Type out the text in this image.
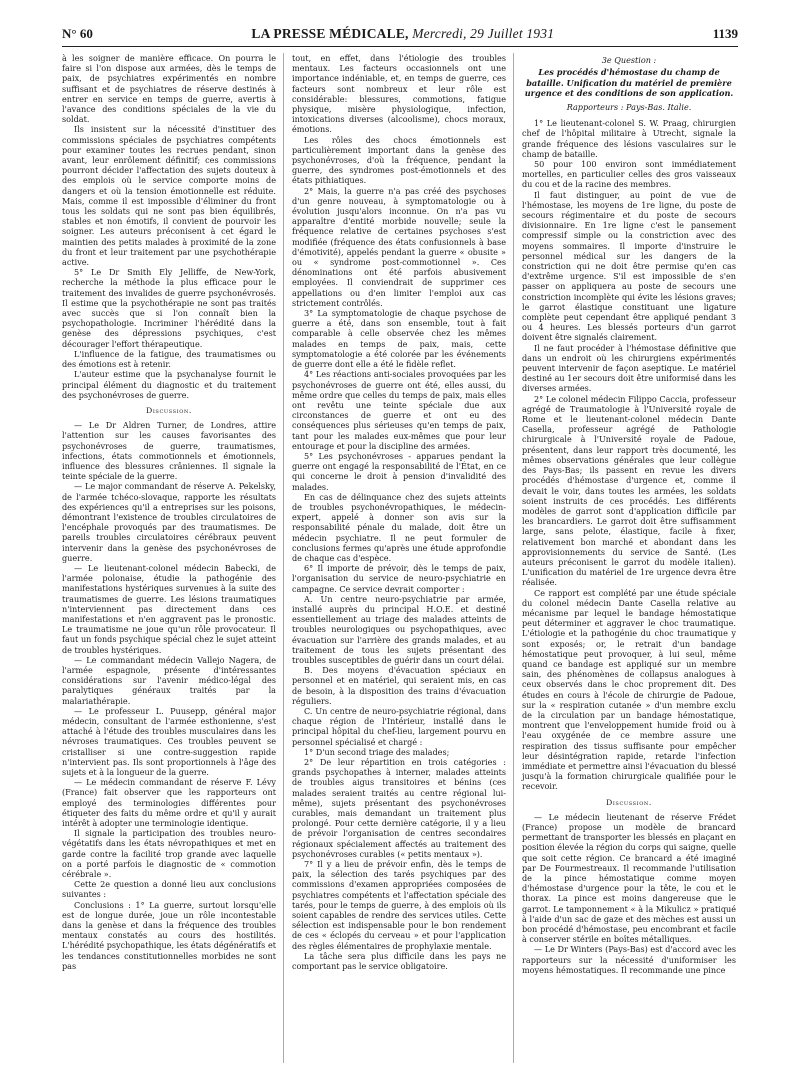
N° 60	LA PRESSE MÉDICALE, Mercredi, 29 Juillet 1931	1139

à les soigner de manière efficace. On pourra le faire si l'on dispose aux armées, dès le temps de paix, de psychiatres expérimentés en nombre suffisant et de psychiatres de réserve destinés à entrer en service en temps de guerre, avertis à l'avance des conditions spéciales de la vie du soldat.

Ils insistent sur la nécessité d'instituer des commissions spéciales de psychiatres compétents pour examiner toutes les recrues pendant, sinon avant, leur enrôlement définitif; ces commissions pourront décider l'affectation des sujets douteux à des emplois où le service comporte moins de dangers et où la tension émotionnelle est réduite. Mais, comme il est impossible d'éliminer du front tous les soldats qui ne sont pas bien équilibrés, stables et non émotifs, il convient de pourvoir les soigner. Les auteurs préconisent à cet égard le maintien des petits malades à proximité de la zone du front et leur traitement par une psychothérapie active.

5° Le Dr Smith Ely Jelliffe, de New-York, recherche la méthode la plus efficace pour le traitement des invalides de guerre psychonévrosés. Il estime que la psychothérapie ne sont pas traités avec succès que si l'on connaît bien la psychopathologie. Incriminer l'hérédité dans la genèse des dépressions psychiques, c'est décourager l'effort thérapeutique.

L'influence de la fatigue, des traumatismes ou des émotions est à retenir.

L'auteur estime que la psychanalyse fournit le principal élément du diagnostic et du traitement des psychonévroses de guerre.

Discussion.

— Le Dr Aldren Turner, de Londres, attire l'attention sur les causes favorisantes des psychonévroses de guerre, traumatismes, infections, états commotionnels et émotionnels, influence des blessures crâniennes. Il signale la teinte spéciale de la guerre.

— Le major commandant de réserve A. Pekelsky, de l'armée tchéco-slovaque, rapporte les résultats des expériences qu'il a entreprises sur les poisons, démontrant l'existence de troubles circulatoires de l'encéphale provoqués par des traumatismes. De pareils troubles circulatoires cérébraux peuvent intervenir dans la genèse des psychonévroses de guerre.

— Le lieutenant-colonel médecin Babecki, de l'armée polonaise, étudie la pathogénie des manifestations hystériques survenues à la suite des traumatismes de guerre. Les lésions traumatiques n'interviennent pas directement dans ces manifestations et n'en aggravent pas le pronostic. Le traumatisme ne joue qu'un rôle provocateur. Il faut un fonds psychique spécial chez le sujet atteint de troubles hystériques.

— Le commandant médecin Vallejo Nagera, de l'armée espagnole, présente d'intéressantes considérations sur l'avenir médico-légal des paralytiques généraux traités par la malariathérapie.

— Le professeur L. Puusepp, général major médecin, consultant de l'armée esthonienne, s'est attaché à l'étude des troubles musculaires dans les névroses traumatiques. Ces troubles peuvent se cristalliser si une contre-suggestion rapide n'intervient pas. Ils sont proportionnels à l'âge des sujets et à la longueur de la guerre.

— Le médecin commandant de réserve F. Lévy (France) fait observer que les rapporteurs ont employé des terminologies différentes pour étiqueter des faits du même ordre et qu'il y aurait intérêt à adopter une terminologie identique.

Il signale la participation des troubles neuro-végétatifs dans les états névropathiques et met en garde contre la facilité trop grande avec laquelle on a porté parfois le diagnostic de « commotion cérébrale ».

Cette 2e question a donné lieu aux conclusions suivantes :

Conclusions : 1° La guerre, surtout lorsqu'elle est de longue durée, joue un rôle incontestable dans la genèse et dans la fréquence des troubles mentaux constatés au cours des hostilités. L'hérédité psychopathique, les états dégénératifs et les tendances constitutionnelles morbides ne sont pas

tout, en effet, dans l'étiologie des troubles mentaux. Les facteurs occasionnels ont une importance indéniable, et, en temps de guerre, ces facteurs sont nombreux et leur rôle est considérable: blessures, commotions, fatigue physique, misère physiologique, infection, intoxications diverses (alcoolisme), chocs moraux, émotions.

Les rôles des chocs émotionnels est particulièrement important dans la genèse des psychonévroses, d'où la fréquence, pendant la guerre, des syndromes post-émotionnels et des états pithiatiques.

2° Mais, la guerre n'a pas créé des psychoses d'un genre nouveau, à symptomatologie ou à évolution jusqu'alors inconnue. On n'a pas vu apparaître d'entité morbide nouvelle; seule la fréquence relative de certaines psychoses s'est modifiée (fréquence des états confusionnels à base d'émotivité), appelés pendant la guerre « obusite » ou « syndrome post-commotionnel ». Ces dénominations ont été parfois abusivement employées. Il conviendrait de supprimer ces appellations ou d'en limiter l'emploi aux cas strictement contrôlés.

3° La symptomatologie de chaque psychose de guerre a été, dans son ensemble, tout à fait comparable à celle observée chez les mêmes malades en temps de paix, mais, cette symptomatologie a été colorée par les événements de guerre dont elle a été le fidèle reflet.

4° Les réactions anti-sociales provoquées par les psychonévroses de guerre ont été, elles aussi, du même ordre que celles du temps de paix, mais elles ont revêtu une teinte spéciale due aux circonstances de guerre et ont eu des conséquences plus sérieuses qu'en temps de paix, tant pour les malades eux-mêmes que pour leur entourage et pour la discipline des armées.

5° Les psychonévroses - apparues pendant la guerre ont engagé la responsabilité de l'État, en ce qui concerne le droit à pension d'invalidité des malades.

En cas de délinquance chez des sujets atteints de troubles psychonévropathiques, le médecin-expert, appelé à donner son avis sur la responsabilité pénale du malade, doit être un médecin psychiatre. Il ne peut formuler de conclusions fermes qu'après une étude approfondie de chaque cas d'espèce.

6° Il importe de prévoir, dès le temps de paix, l'organisation du service de neuro-psychiatrie en campagne. Ce service devrait comporter :

A. Un centre neuro-psychiatrie par armée, installé auprès du principal H.O.E. et destiné essentiellement au triage des malades atteints de troubles neurologiques ou psychopathiques, avec évacuation sur l'arrière des grands malades, et au traitement de tous les sujets présentant des troubles susceptibles de guérir dans un court délai.

B. Des moyens d'évacuation spéciaux en personnel et en matériel, qui seraient mis, en cas de besoin, à la disposition des trains d'évacuation réguliers.

C. Un centre de neuro-psychiatrie régional, dans chaque région de l'Intérieur, installé dans le principal hôpital du chef-lieu, largement pourvu en personnel spécialisé et chargé :

1° D'un second triage des malades;

2° De leur répartition en trois catégories : grands psychopathes à interner, malades atteints de troubles aigus transitoires et bénins (ces malades seraient traités au centre régional lui-même), sujets présentant des psychonévroses curables, mais demandant un traitement plus prolongé. Pour cette dernière catégorie, il y a lieu de prévoir l'organisation de centres secondaires régionaux spécialement affectés au traitement des psychonévroses curables (« petits mentaux »).

7° Il y a lieu de prévoir enfin, dès le temps de paix, la sélection des tarés psychiques par des commissions d'examen appropriées composées de psychiatres compétents et l'affectation spéciale des tarés, pour le temps de guerre, à des emplois où ils soient capables de rendre des services utiles. Cette sélection est indispensable pour le bon rendement de ces « éclopés du cerveau » et pour l'application des règles élémentaires de prophylaxie mentale.

La tâche sera plus difficile dans les pays ne comportant pas le service obligatoire.

3e Question :

Les procédés d'hémostase du champ de bataille. Unification du matériel de première urgence et des conditions de son application.

Rapporteurs : Pays-Bas. Italie.

1° Le lieutenant-colonel S. W. Praag, chirurgien chef de l'hôpital militaire à Utrecht, signale la grande fréquence des lésions vasculaires sur le champ de bataille.

50 pour 100 environ sont immédiatement mortelles, en particulier celles des gros vaisseaux du cou et de la racine des membres.

Il faut distinguer, au point de vue de l'hémostase, les moyens de 1re ligne, du poste de secours régimentaire et du poste de secours divisionnaire. En 1re ligne c'est le pansement compressif simple ou la constriction avec des moyens sommaires. Il importe d'instruire le personnel médical sur les dangers de la constriction qui ne doit être permise qu'en cas d'extrême urgence. S'il est impossible de s'en passer on appliquera au poste de secours une constriction incomplète qui évite les lésions graves; le garrot élastique constituant une ligature complète peut cependant être appliqué pendant 3 ou 4 heures. Les blessés porteurs d'un garrot doivent être signalés clairement.

Il ne faut procéder à l'hémostase définitive que dans un endroit où les chirurgiens expérimentés peuvent intervenir de façon aseptique. Le matériel destiné au 1er secours doit être uniformisé dans les diverses armées.

2° Le colonel médecin Filippo Caccia, professeur agrégé de Traumatologie à l'Université royale de Rome et le lieutenant-colonel médecin Dante Casella, professeur agrégé de Pathologie chirurgicale à l'Université royale de Padoue, présentent, dans leur rapport très documenté, les mêmes observations générales que leur collègue des Pays-Bas; ils passent en revue les divers procédés d'hémostase d'urgence et, comme il devait le voir, dans toutes les armées, les soldats soient instruits de ces procédés. Les différents modèles de garrot sont d'application difficile par les brancardiers. Le garrot doit être suffisamment large, sans pelote, élastique, facile à fixer, relativement bon marché et abondant dans les approvisionnements du service de Santé. (Les auteurs préconisent le garrot du modèle italien). L'unification du matériel de 1re urgence devra être réalisée.

Ce rapport est complété par une étude spéciale du colonel médecin Dante Casella relative au mécanisme par lequel le bandage hémostatique peut déterminer et aggraver le choc traumatique. L'étiologie et la pathogénie du choc traumatique y sont exposés; or, le retrait d'un bandage hémostatique peut provoquer, à lui seul, même quand ce bandage est appliqué sur un membre sain, des phénomènes de collapsus analogues à ceux observés dans le choc proprement dit. Des études en cours à l'école de chirurgie de Padoue, sur la « respiration cutanée » d'un membre exclu de la circulation par un bandage hémostatique, montrent que l'enveloppement humide froid ou à l'eau oxygénée de ce membre assure une respiration des tissus suffisante pour empêcher leur désintégration rapide, retarde l'infection immédiate et permettre ainsi l'évacuation du blessé jusqu'à la formation chirurgicale qualifiée pour le recevoir.

Discussion.

— Le médecin lieutenant de réserve Frédet (France) propose un modèle de brancard permettant de transporter les blessés en plaçant en position élevée la région du corps qui saigne, quelle que soit cette région. Ce brancard a été imaginé par De Fourmestreaux. Il recommande l'utilisation de la pince hémostatique comme moyen d'hémostase d'urgence pour la tête, le cou et le thorax. La pince est moins dangereuse que le garrot. Le tamponnement « à la Mikulicz » pratiqué à l'aide d'un sac de gaze et des mèches est aussi un bon procédé d'hémostase, peu encombrant et facile à conserver stérile en boîtes métalliques.

— Le Dr Winters (Pays-Bas) est d'accord avec les rapporteurs sur la nécessité d'uniformiser les moyens hémostatiques. Il recommande une pince
